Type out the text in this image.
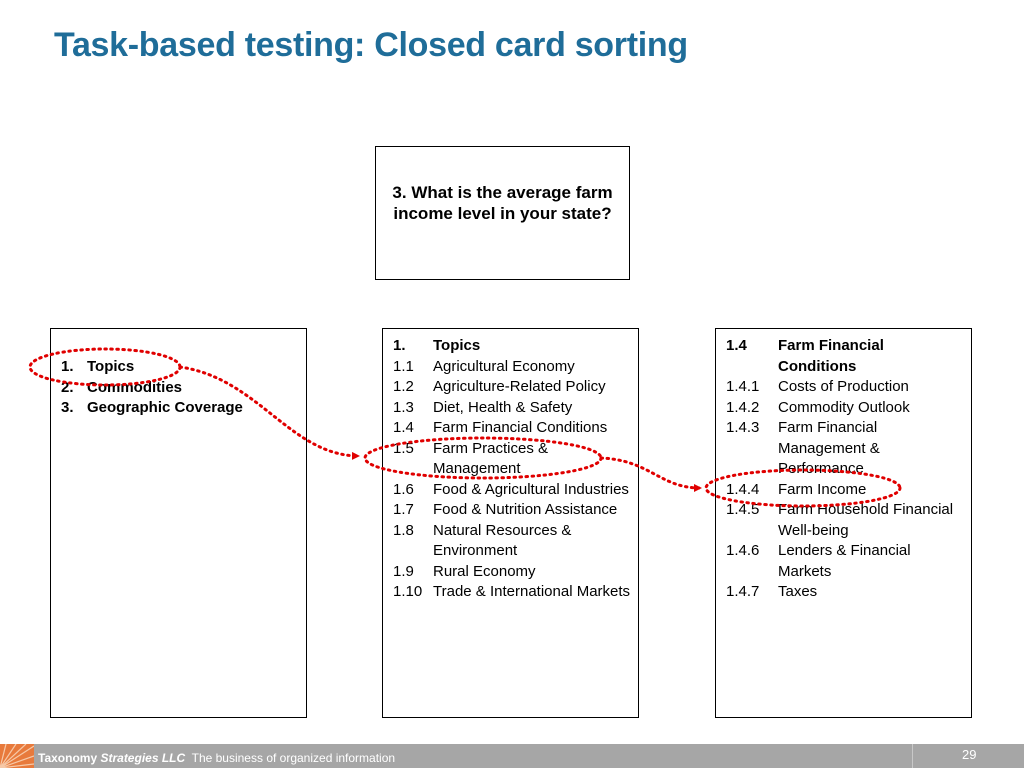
Task-based testing: Closed card sorting
3. What is the average farm income level in your state?
1. Topics
2. Commodities
3. Geographic Coverage
1.	Topics
1.1	Agricultural Economy
1.2	Agriculture-Related Policy
1.3	Diet, Health & Safety
1.4	Farm Financial Conditions
1.5	Farm Practices & Management
1.6	Food & Agricultural Industries
1.7	Food & Nutrition Assistance
1.8	Natural Resources & Environment
1.9	Rural Economy
1.10 Trade & International Markets
1.4	Farm Financial Conditions
1.4.1	Costs of Production
1.4.2	Commodity Outlook
1.4.3	Farm Financial Management & Performance
1.4.4	Farm Income
1.4.5	Farm Household Financial Well-being
1.4.6	Lenders & Financial Markets
1.4.7	Taxes
Taxonomy Strategies LLC The business of organized information	29
